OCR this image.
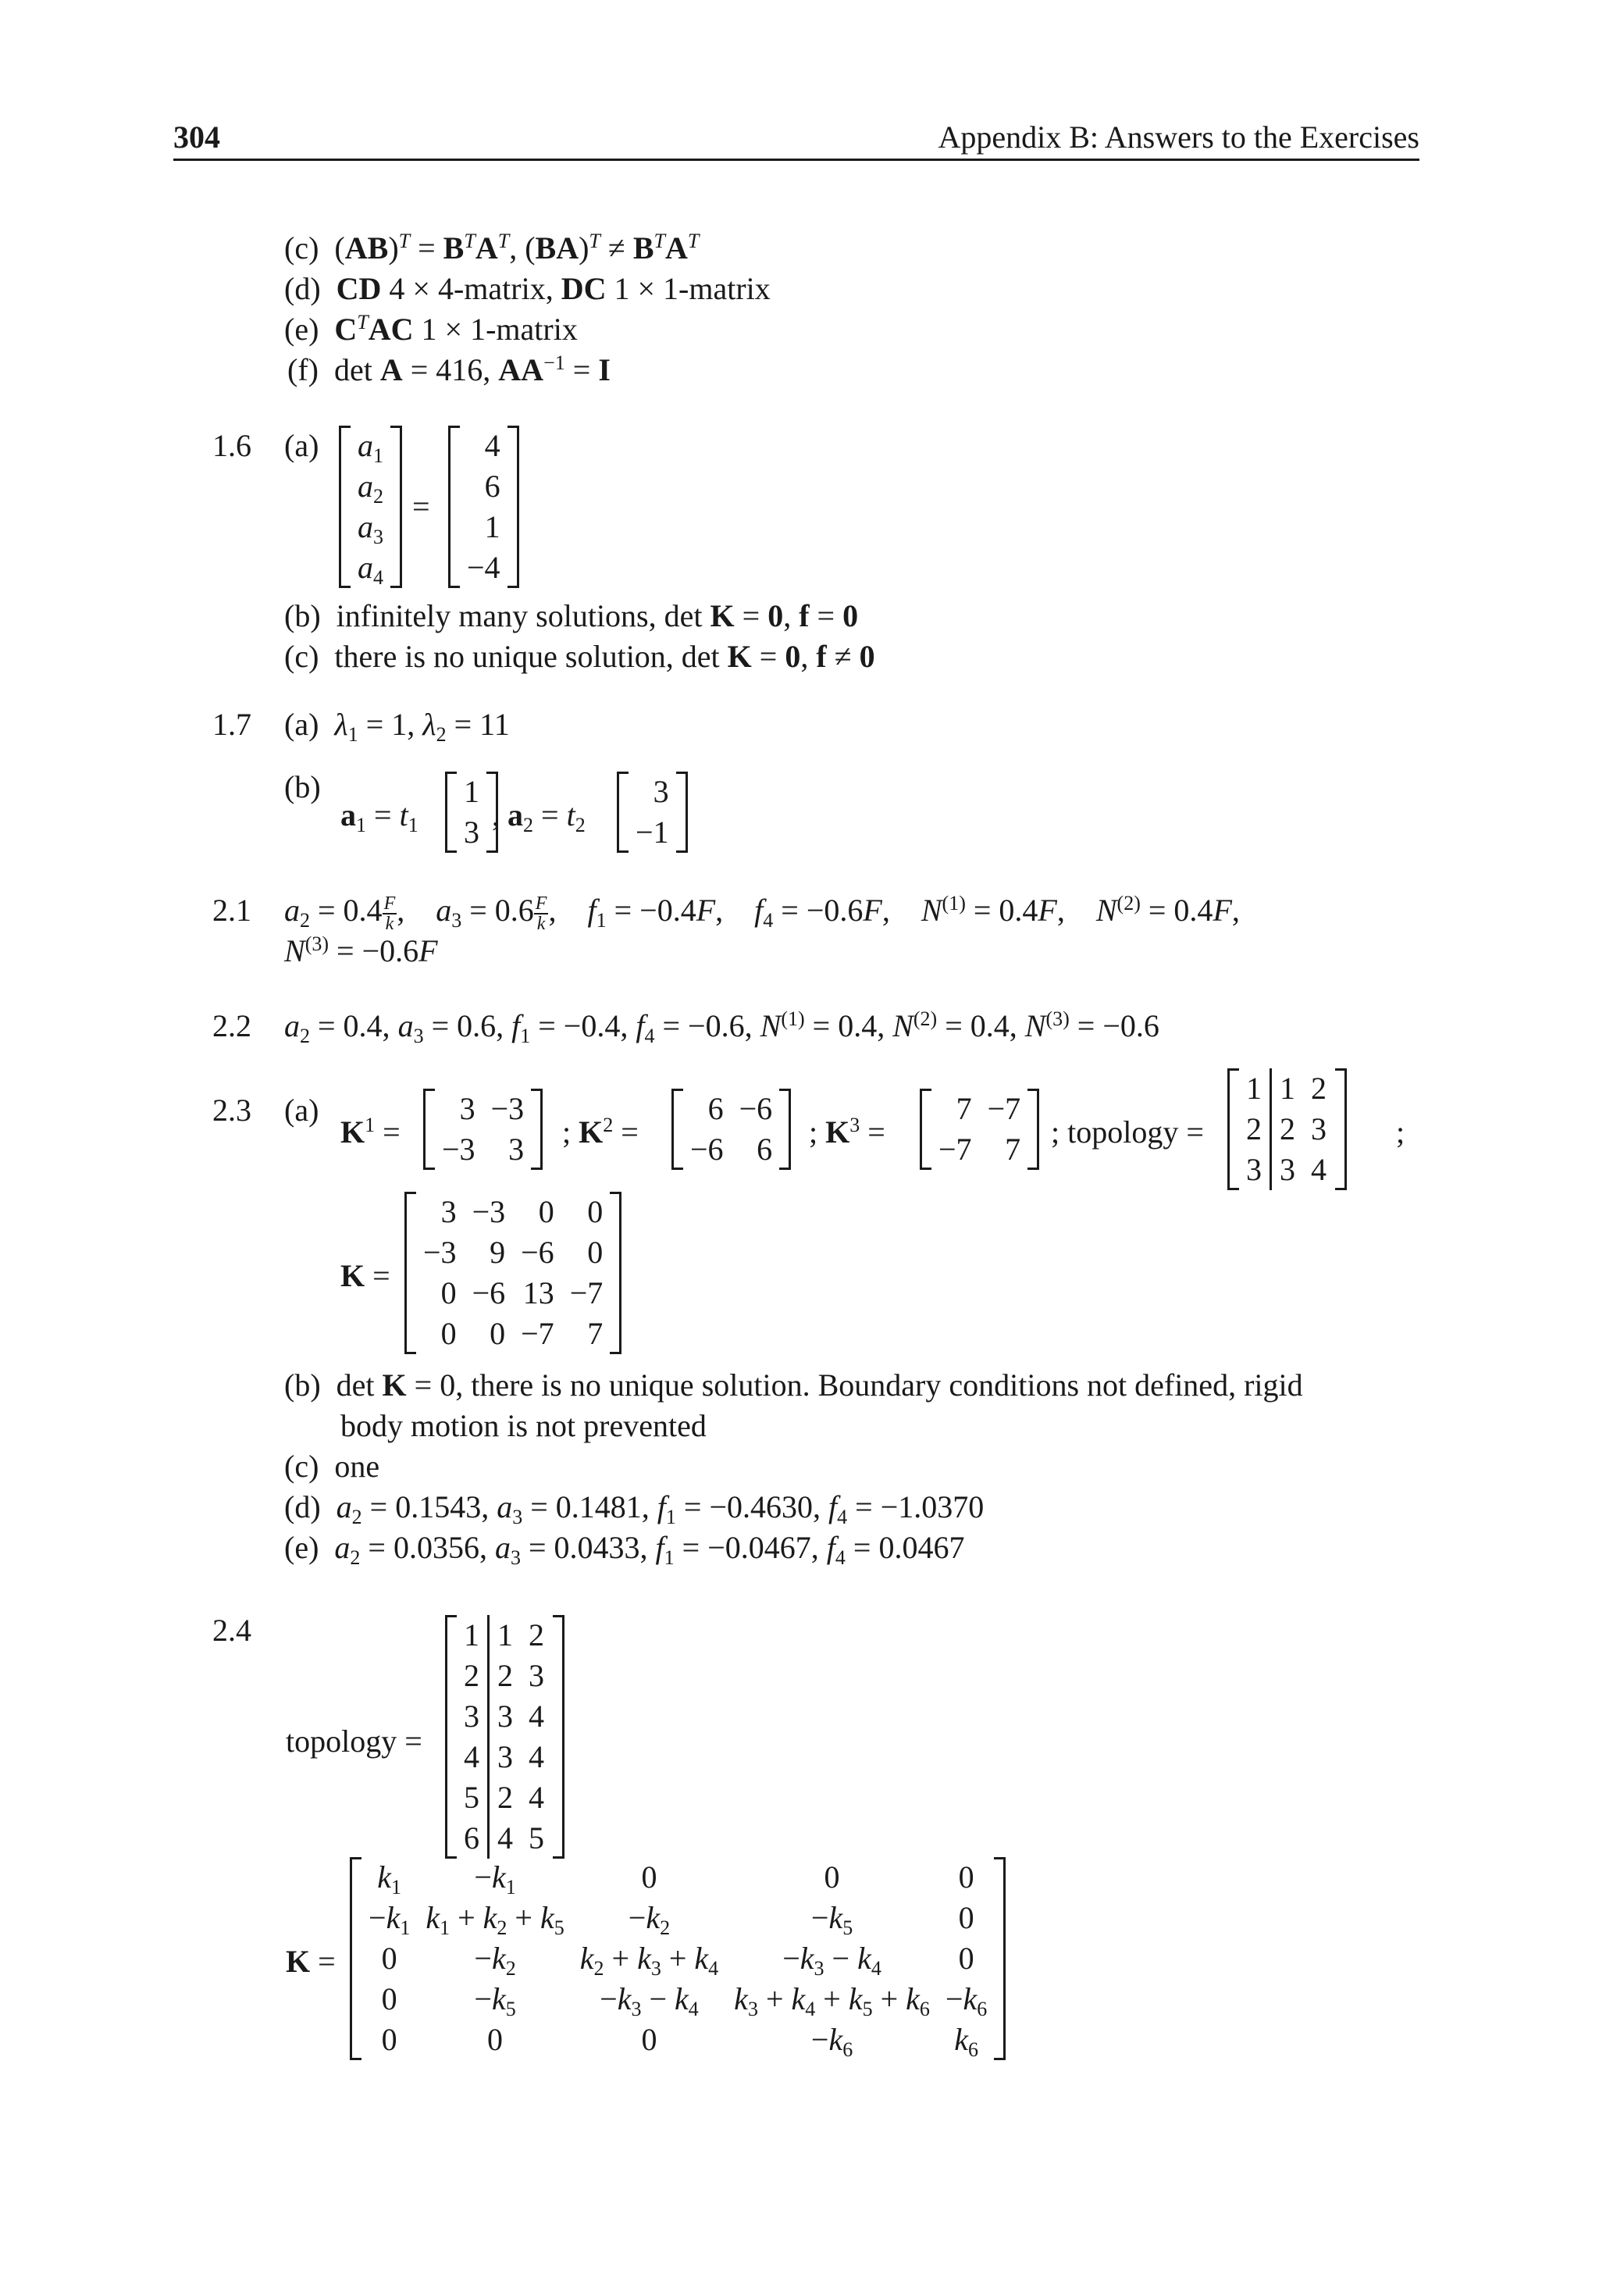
304	Appendix B: Answers to the Exercises
(c)  $(AB)^T = B^TA^T$, $(BA)^T \ne B^TA^T$
(d) CD 4 × 4-matrix, DC 1 × 1-matrix
(e) $C^TAC$ 1 × 1-matrix
(f)  det A = 416, $AA^{-1} = I$
1.6 (a) $a_1$
$a_2$
$a_3$
$a_4$
=
4
6
1
−4
(b) infinitely many solutions, det K = 0, f = 0
(c) there is no unique solution, det K = 0, f ≠ 0
1.7 (a) $\lambda_1 = 1$, $\lambda_2 = 11$
(b)
$a_1 = t_1$
1
3 , $a_2 = t_2$
3
−1
2.1 $a_2 = 0.4 \frac{F}{k}$ ,    $a_3 = 0.6 \frac{F}{k}$ ,    $f_1 = -0.4F$,    $f_4 = -0.6F$,    $N^{(1)} = 0.4F$,    $N^{(2)} = 0.4F$,
$N^{(3)} = -0.6F$
2.2 $a_2 = 0.4$, $a_3 = 0.6$, $f_1 = -0.4$, $f_4 = -0.6$, $N^{(1)} = 0.4$, $N^{(2)} = 0.4$, $N^{(3)} = -0.6$
2.3 (a)
$K^1$ =
3	−3
−3	3 ; $K^2$ =
6	−6
−6	6 ; $K^3$ =
7	−7
−7	7 ; topology =
1	1	2
2	2	3
3	3	4
;
K =
3	−3	0	0
−3	9	−6	0
0	−6	13	−7
0	0	−7	7
(b)  det K = 0, there is no unique solution. Boundary conditions not defined, rigid
body motion is not prevented
(c) one
(d) $a_2 = 0.1543$, $a_3 = 0.1481$, $f_1 = -0.4630$, $f_4 = -1.0370$
(e) $a_2 = 0.0356$, $a_3 = 0.0433$, $f_1 = -0.0467$, $f_4 = 0.0467$
2.4
topology =
1	1	2
2	2	3
3	3	4
4	3	4
5	2	4
6	4	5
K =
$k_1$	$-k_1$	0	0	0
$-k_1$	$k_1 + k_2 + k_5$	$-k_2$	$-k_5$	0
0	$-k_2$	$k_2 + k_3 + k_4$	$-k_3 - k_4$	0
0	$-k_5$	$-k_3 - k_4$	$k_3 + k_4 + k_5 + k_6$	$-k_6$
0	0	0	$-k_6$	$k_6$
